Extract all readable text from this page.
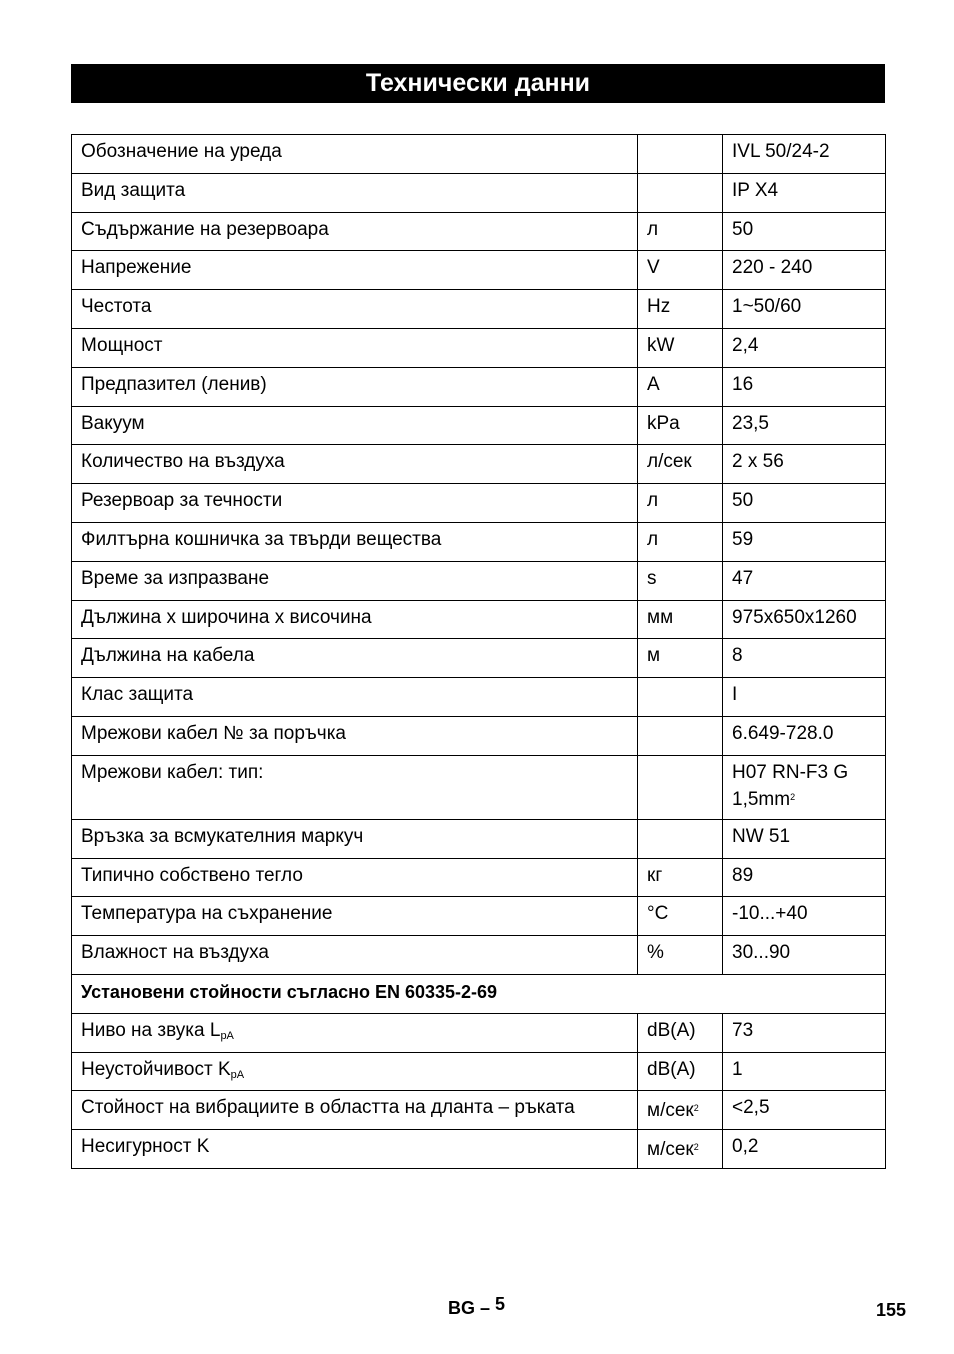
Технически данни
Обозначение на уреда		IVL 50/24-2
Вид защита		IP X4
Съдържание на резервоара	л	50
Напрежение	V	220 - 240
Честота	Hz	1~50/60
Мощност	kW	2,4
Предпазител (ленив)	A	16
Вакуум	kPa	23,5
Количество на въздуха	л/сек	2 x 56
Резервоар за течности	л	50
Филтърна кошничка за твърди вещества	л	59
Време за изпразване	s	47
Дължина х широчина х височина	мм	975x650x1260
Дължина на кабела	м	8
Клас защита		I
Мрежови кабел № за поръчка		6.649-728.0
Мрежови кабел: тип:		H07 RN-F3 G
$1,5mm^2$
Връзка за всмукателния маркуч		NW 51
Типично собствено тегло	кг	89
Температура на съхранение	°C	-10...+40
Влажност на въздуха	%	30...90
Установени стойности съгласно EN 60335-2-69		
Ниво на звука $L_{pA}$	dB(A)	73
Неустойчивост $K_{pA}$	dB(A)	1
Стойност на вибрациите в областта на дланта – ръката	м/сек$^2$	<2,5
Несигурност K	м/сек$^2$	0,2
BG – 5	155
